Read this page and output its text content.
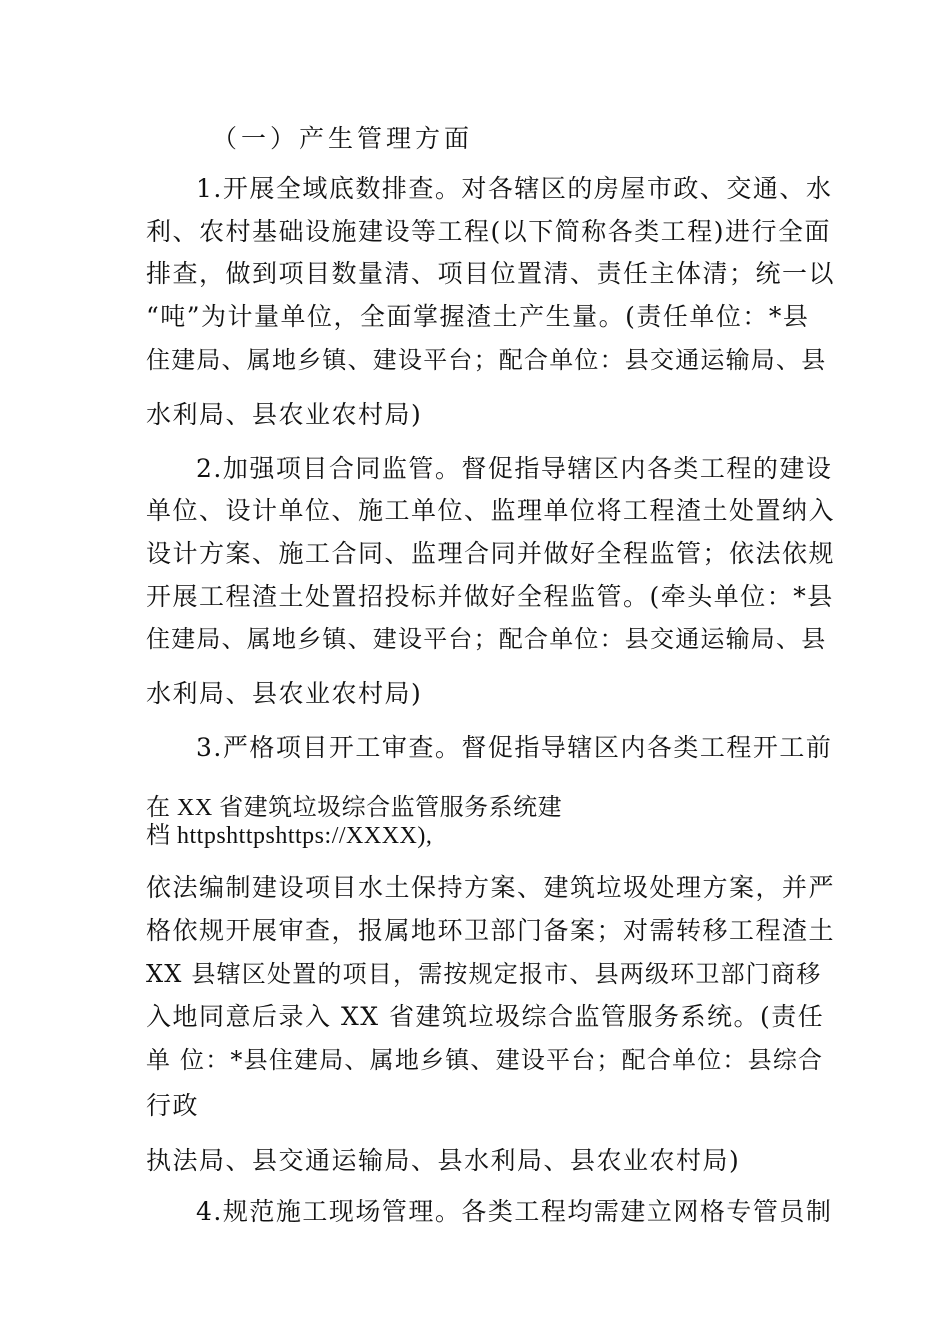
（一）产生管理方面
1.开展全域底数排查。对各辖区的房屋市政、交通、水
利、农村基础设施建设等工程(以下简称各类工程)进行全面
排查，做到项目数量清、项目位置清、责任主体清；统一以
“吨”为计量单位，全面掌握渣土产生量。(责任单位：*县
住建局、属地乡镇、建设平台；配合单位：县交通运输局、县
水利局、县农业农村局)
2.加强项目合同监管。督促指导辖区内各类工程的建设
单位、设计单位、施工单位、监理单位将工程渣土处置纳入
设计方案、施工合同、监理合同并做好全程监管；依法依规
开展工程渣土处置招投标并做好全程监管。(牵头单位：*县
住建局、属地乡镇、建设平台；配合单位：县交通运输局、县
水利局、县农业农村局)
3.严格项目开工审查。督促指导辖区内各类工程开工前
在 XX 省建筑垃圾综合监管服务系统建
档 httpshttpshttps://XXXX),
依法编制建设项目水土保持方案、建筑垃圾处理方案，并严
格依规开展审查，报属地环卫部门备案；对需转移工程渣土
XX 县辖区处置的项目，需按规定报市、县两级环卫部门商移
入地同意后录入 XX 省建筑垃圾综合监管服务系统。(责任
单 位：*县住建局、属地乡镇、建设平台；配合单位：县综合
行政
执法局、县交通运输局、县水利局、县农业农村局)
4.规范施工现场管理。各类工程均需建立网格专管员制
